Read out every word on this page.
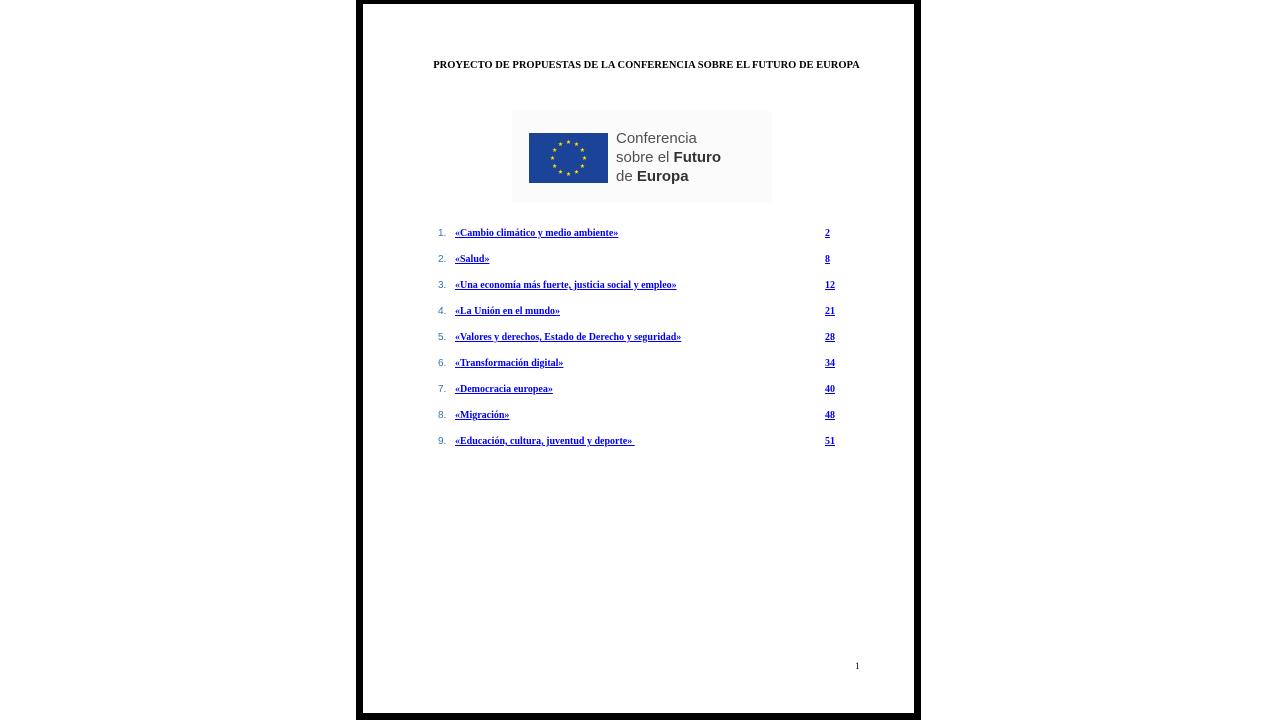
PROYECTO DE PROPUESTAS DE LA CONFERENCIA SOBRE EL FUTURO DE EUROPA
Conferencia
sobre el Futuro
de Europa
1. «Cambio climático y medio ambiente»	2
2. «Salud»	8
3. «Una economía más fuerte, justicia social y empleo»	12
4. «La Unión en el mundo»	21
5. «Valores y derechos, Estado de Derecho y seguridad»	28
6. «Transformación digital»	34
7. «Democracia europea»	40
8. «Migración»	48
9. «Educación, cultura, juventud y deporte»	51
1
